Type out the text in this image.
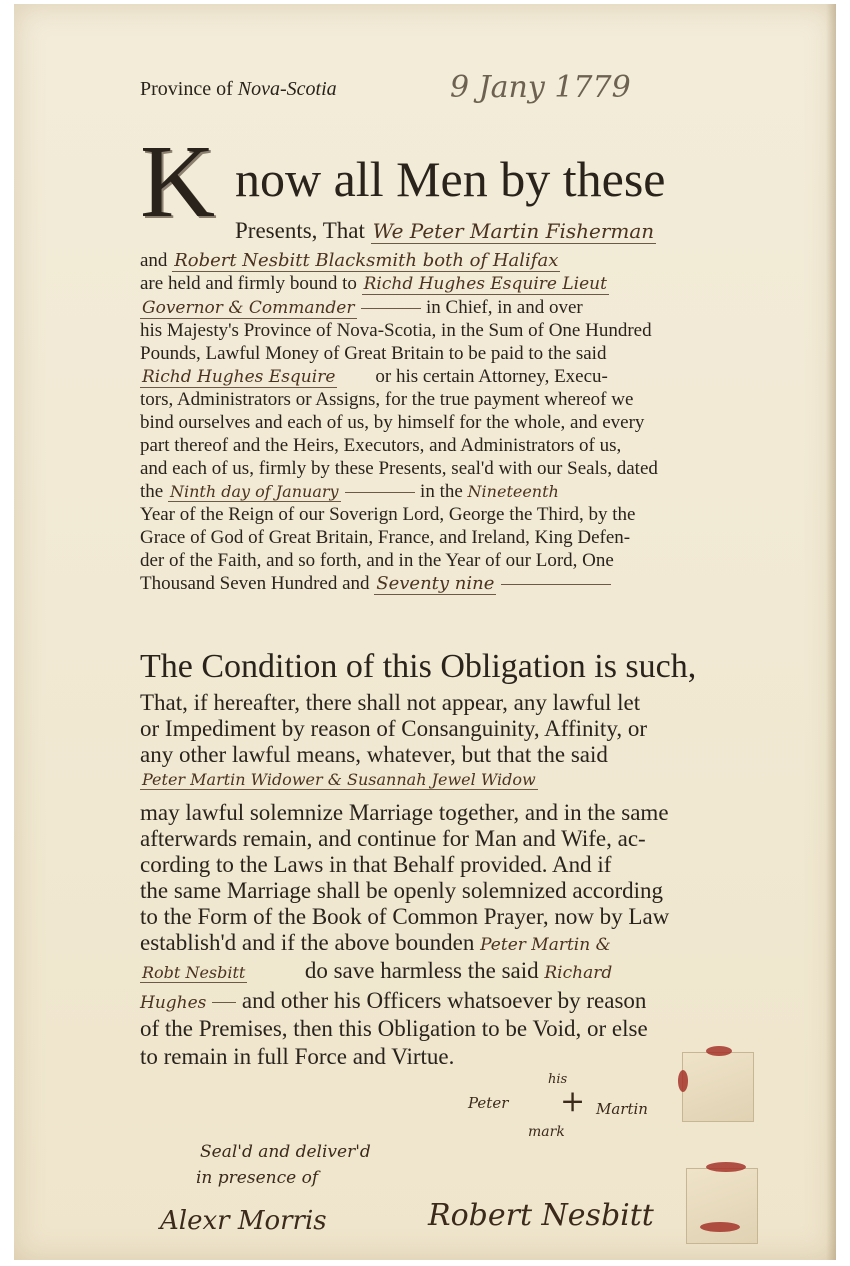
Province of Nova-Scotia	9 Jany 1779
K now all Men by these
Presents, That We Peter Martin Fisherman
and Robert Nesbitt Blacksmith both of Halifax
are held and firmly bound to Richd Hughes Esquire Lieut
Governor & Commander	in Chief, in and over
his Majesty's Province of Nova-Scotia, in the Sum of One Hundred
Pounds, Lawful Money of Great Britain to be paid to the said
Richd Hughes Esquire or his certain Attorney, Execu-
tors, Administrators or Assigns, for the true payment whereof we
bind ourselves and each of us, by himself for the whole, and every
part thereof and the Heirs, Executors, and Administrators of us,
and each of us, firmly by these Presents, seal'd with our Seals, dated
the Ninth day of January	in the Nineteenth
Year of the Reign of our Soverign Lord, George the Third, by the
Grace of God of Great Britain, France, and Ireland, King Defen-
der of the Faith, and so forth, and in the Year of our Lord, One
Thousand Seven Hundred and Seventy nine
The Condition of this Obligation is such,
That, if hereafter, there shall not appear, any lawful let
or Impediment by reason of Consanguinity, Affinity, or
any other lawful means, whatever, but that the said
Peter Martin Widower & Susannah Jewel Widow
may lawful solemnize Marriage together, and in the same
afterwards remain, and continue for Man and Wife, ac-
cording to the Laws in that Behalf provided. And if
the same Marriage shall be openly solemnized according
to the Form of the Book of Common Prayer, now by Law
establish'd and if the above bounden Peter Martin &
Robt Nesbitt	do save harmless the said Richard
Hughes and other his Officers whatsoever by reason
of the Premises, then this Obligation to be Void, or else
to remain in full Force and Virtue.
Seal'd and deliver'd
in presence of
Alexr Morris
Peter
his
+ Martin
mark
Robert Nesbitt
